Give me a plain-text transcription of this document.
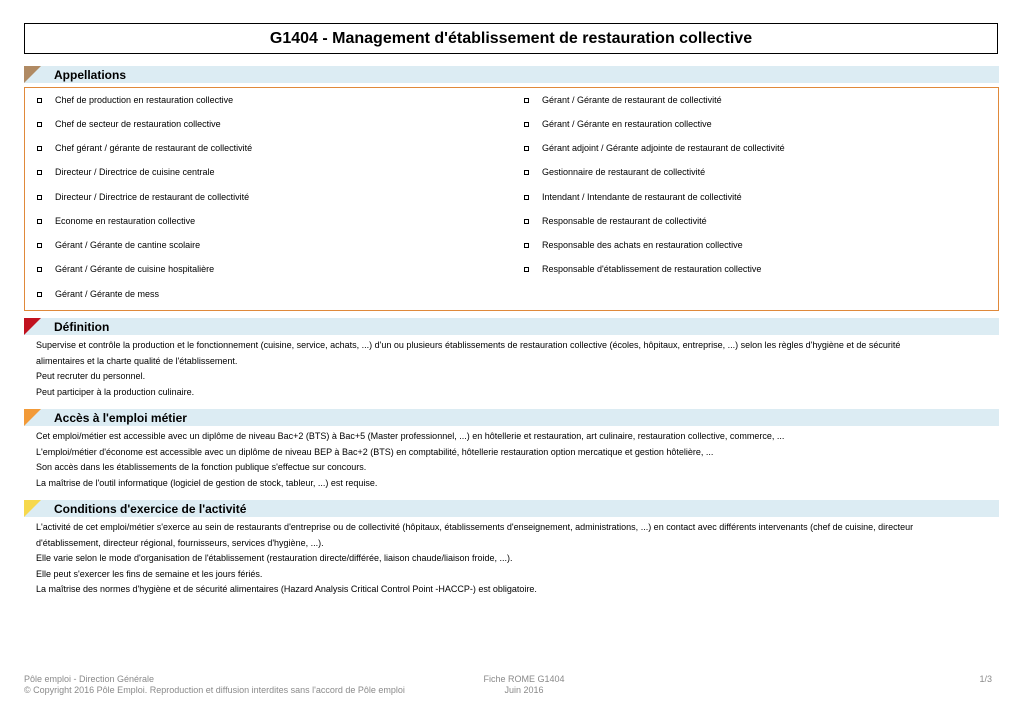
G1404 - Management d'établissement de restauration collective
Appellations
Chef de production en restauration collective
Chef de secteur de restauration collective
Chef gérant / gérante de restaurant de collectivité
Directeur / Directrice de cuisine centrale
Directeur / Directrice de restaurant de collectivité
Econome en restauration collective
Gérant / Gérante de cantine scolaire
Gérant / Gérante de cuisine hospitalière
Gérant / Gérante de mess
Gérant / Gérante de restaurant de collectivité
Gérant / Gérante en restauration collective
Gérant adjoint / Gérante adjointe de restaurant de collectivité
Gestionnaire de restaurant de collectivité
Intendant / Intendante de restaurant de collectivité
Responsable de restaurant de collectivité
Responsable des achats en restauration collective
Responsable d'établissement de restauration collective
Définition
Supervise et contrôle la production et le fonctionnement (cuisine, service, achats, ...) d'un ou plusieurs établissements de restauration collective (écoles, hôpitaux, entreprise, ...) selon les règles d'hygiène et de sécurité
alimentaires et la charte qualité de l'établissement.
Peut recruter du personnel.
Peut participer à la production culinaire.
Accès à l'emploi métier
Cet emploi/métier est accessible avec un diplôme de niveau Bac+2 (BTS) à Bac+5 (Master professionnel, ...) en hôtellerie et restauration, art culinaire, restauration collective, commerce, ...
L'emploi/métier d'économe est accessible avec un diplôme de niveau BEP à Bac+2 (BTS) en comptabilité, hôtellerie restauration option mercatique et gestion hôtelière, ...
Son accès dans les établissements de la fonction publique s'effectue sur concours.
La maîtrise de l'outil informatique (logiciel de gestion de stock, tableur, ...) est requise.
Conditions d'exercice de l'activité
L'activité de cet emploi/métier s'exerce au sein de restaurants d'entreprise ou de collectivité (hôpitaux, établissements d'enseignement, administrations, ...) en contact avec différents intervenants (chef de cuisine, directeur
d'établissement, directeur régional, fournisseurs, services d'hygiène, ...).
Elle varie selon le mode d'organisation de l'établissement (restauration directe/différée, liaison chaude/liaison froide, ...).
Elle peut s'exercer les fins de semaine et les jours fériés.
La maîtrise des normes d'hygiène et de sécurité alimentaires (Hazard Analysis Critical Control Point -HACCP-) est obligatoire.
Pôle emploi - Direction Générale
© Copyright 2016 Pôle Emploi. Reproduction et diffusion interdites sans l'accord de Pôle emploi
Fiche ROME G1404
Juin 2016
1/3
